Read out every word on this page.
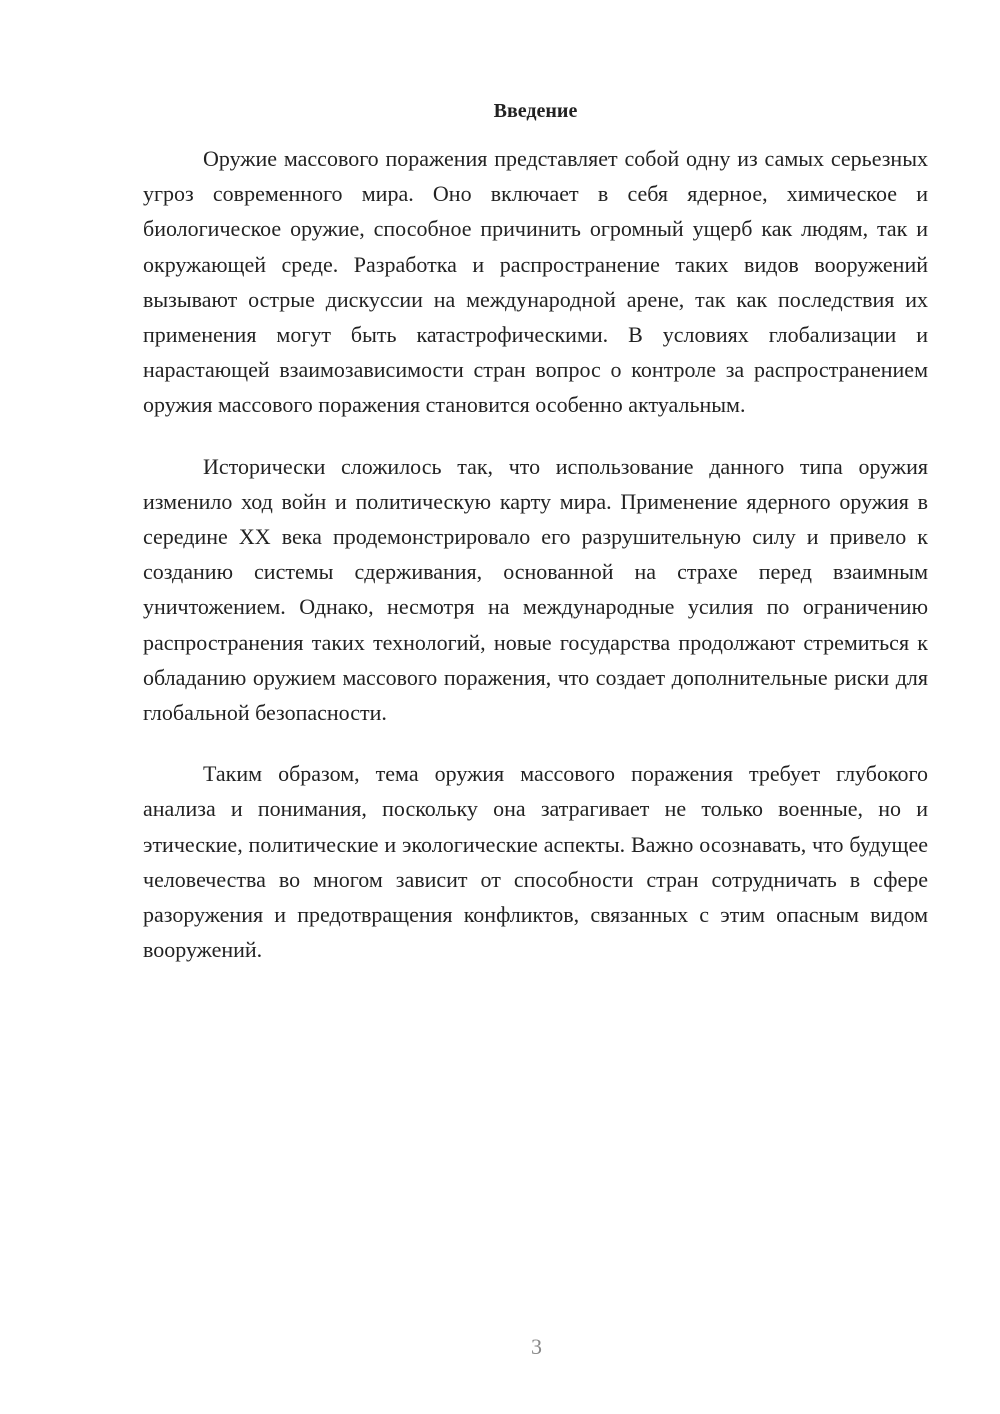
Введение

Оружие массового поражения представляет собой одну из самых серьезных угроз современного мира. Оно включает в себя ядерное, химическое и биологическое оружие, способное причинить огромный ущерб как людям, так и окружающей среде. Разработка и распространение таких видов вооружений вызывают острые дискуссии на международной арене, так как последствия их применения могут быть катастрофическими. В условиях глобализации и нарастающей взаимозависимости стран вопрос о контроле за распространением оружия массового поражения становится особенно актуальным.

Исторически сложилось так, что использование данного типа оружия изменило ход войн и политическую карту мира. Применение ядерного оружия в середине XX века продемонстрировало его разрушительную силу и привело к созданию системы сдерживания, основанной на страхе перед взаимным уничтожением. Однако, несмотря на международные усилия по ограничению распространения таких технологий, новые государства продолжают стремиться к обладанию оружием массового поражения, что создает дополнительные риски для глобальной безопасности.

Таким образом, тема оружия массового поражения требует глубокого анализа и понимания, поскольку она затрагивает не только военные, но и этические, политические и экологические аспекты. Важно осознавать, что будущее человечества во многом зависит от способности стран сотрудничать в сфере разоружения и предотвращения конфликтов, связанных с этим опасным видом вооружений.

3
